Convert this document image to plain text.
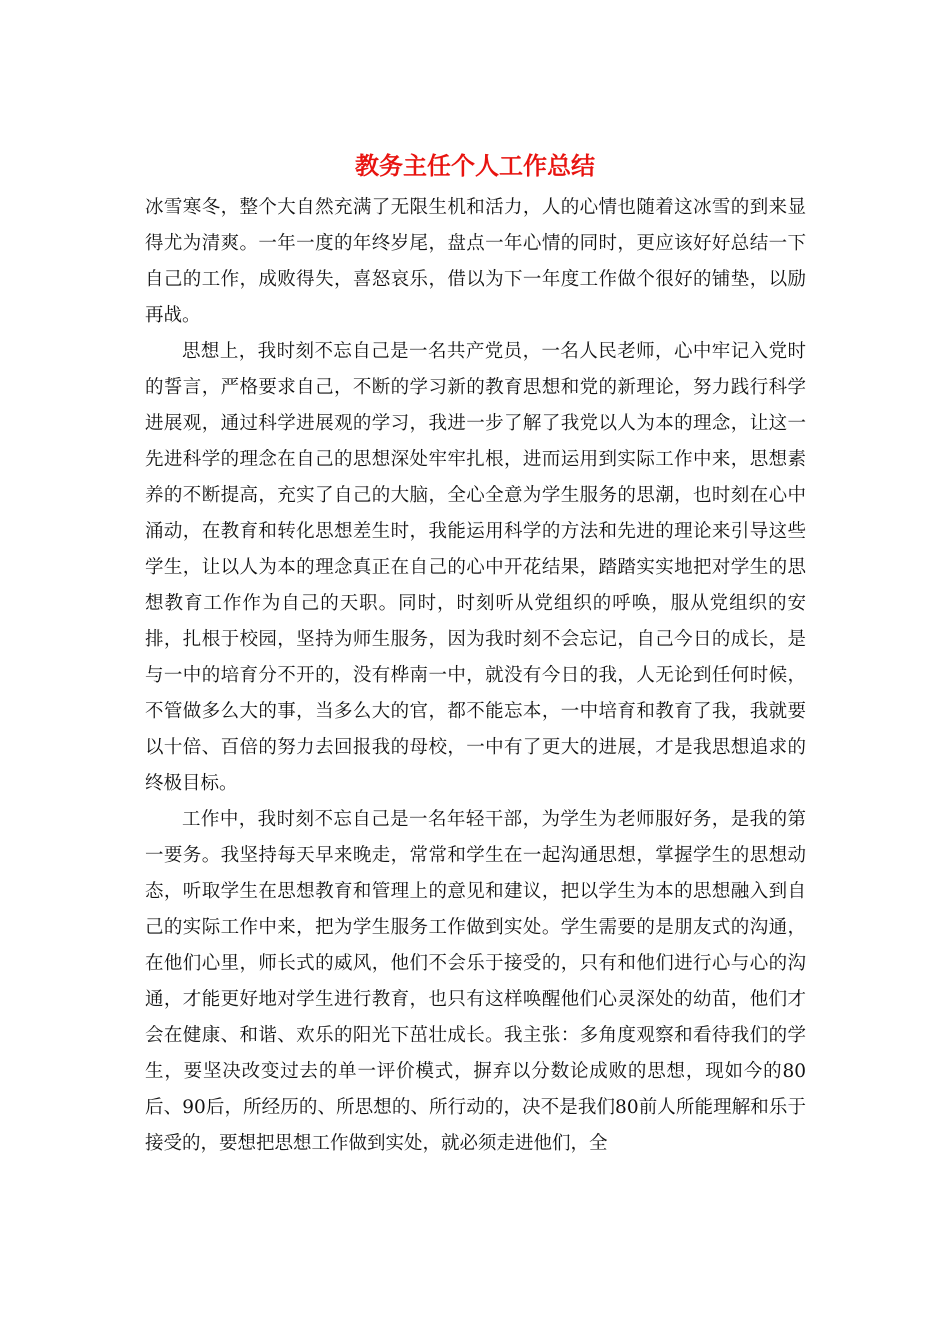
教务主任个人工作总结

冰雪寒冬，整个大自然充满了无限生机和活力，人的心情也随着这冰雪的到来显得尤为清爽。一年一度的年终岁尾，盘点一年心情的同时，更应该好好总结一下自己的工作，成败得失，喜怒哀乐，借以为下一年度工作做个很好的铺垫，以励再战。

思想上，我时刻不忘自己是一名共产党员，一名人民老师，心中牢记入党时的誓言，严格要求自己，不断的学习新的教育思想和党的新理论，努力践行科学进展观，通过科学进展观的学习，我进一步了解了我党以人为本的理念，让这一先进科学的理念在自己的思想深处牢牢扎根，进而运用到实际工作中来，思想素养的不断提高，充实了自己的大脑，全心全意为学生服务的思潮，也时刻在心中涌动，在教育和转化思想差生时，我能运用科学的方法和先进的理论来引导这些学生，让以人为本的理念真正在自己的心中开花结果，踏踏实实地把对学生的思想教育工作作为自己的天职。同时，时刻听从党组织的呼唤，服从党组织的安排，扎根于校园，坚持为师生服务，因为我时刻不会忘记，自己今日的成长，是与一中的培育分不开的，没有桦南一中，就没有今日的我，人无论到任何时候，不管做多么大的事，当多么大的官，都不能忘本，一中培育和教育了我，我就要以十倍、百倍的努力去回报我的母校，一中有了更大的进展，才是我思想追求的终极目标。

工作中，我时刻不忘自己是一名年轻干部，为学生为老师服好务，是我的第一要务。我坚持每天早来晚走，常常和学生在一起沟通思想，掌握学生的思想动态，听取学生在思想教育和管理上的意见和建议，把以学生为本的思想融入到自己的实际工作中来，把为学生服务工作做到实处。学生需要的是朋友式的沟通，在他们心里，师长式的威风，他们不会乐于接受的，只有和他们进行心与心的沟通，才能更好地对学生进行教育，也只有这样唤醒他们心灵深处的幼苗，他们才会在健康、和谐、欢乐的阳光下茁壮成长。我主张：多角度观察和看待我们的学生，要坚决改变过去的单一评价模式，摒弃以分数论成败的思想，现如今的80后、90后，所经历的、所思想的、所行动的，决不是我们80前人所能理解和乐于接受的，要想把思想工作做到实处，就必须走进他们，全
